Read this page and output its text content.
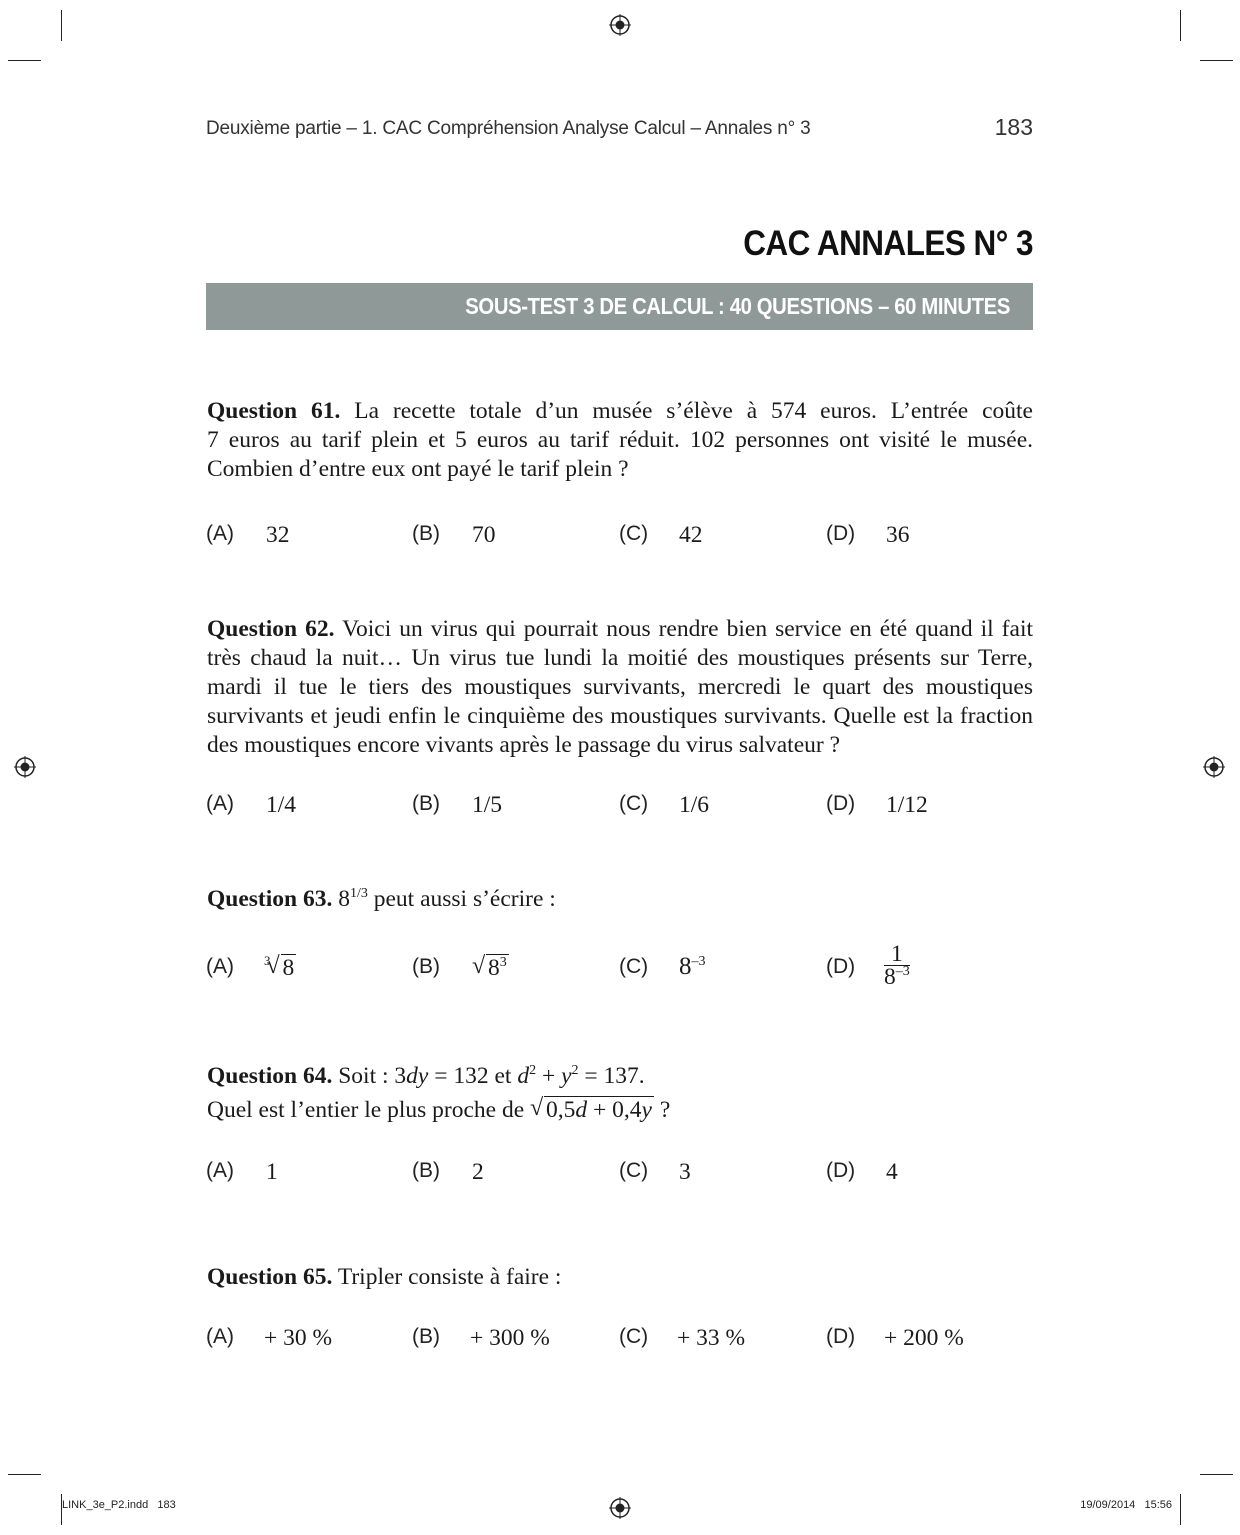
Deuxième partie – 1. CAC Compréhension Analyse Calcul – Annales n° 3	183
CAC ANNALES N° 3
SOUS-TEST 3 DE CALCUL : 40 QUESTIONS – 60 MINUTES
Question 61. La recette totale d’un musée s’élève à 574 euros. L’entrée coûte
7 euros au tarif plein et 5 euros au tarif réduit. 102 personnes ont visité le musée.
Combien d’entre eux ont payé le tarif plein ?
(A) 32	(B) 70	(C) 42	(D) 36
Question 62. Voici un virus qui pourrait nous rendre bien service en été quand il fait
très chaud la nuit… Un virus tue lundi la moitié des moustiques présents sur Terre,
mardi il tue le tiers des moustiques survivants, mercredi le quart des moustiques
survivants et jeudi enfin le cinquième des moustiques survivants. Quelle est la fraction
des moustiques encore vivants après le passage du virus salvateur ?
(A) 1/4	(B) 1/5	(C) 1/6	(D) 1/12
Question 63. $8^{1/3}$ peut aussi s’écrire :
(A) $^3$ √ 8	(B)	√ $8^3$	(C) $8^{-3}$	$(D) \frac{1}{8^{-3}}$
Question 64. Soit : 3dy = 132 et $d^2 + y^2 = 137$.
Quel est l’entier le plus proche de √ 0,5d + 0,4y ?
(A) 1	(B) 2	(C) 3	(D) 4
Question 65. Tripler consiste à faire :
(A) + 30 %	(B) + 300 %	(C) + 33 %	(D) + 200 %
LINK_3e_P2.indd   183	19/09/2014   15:56
